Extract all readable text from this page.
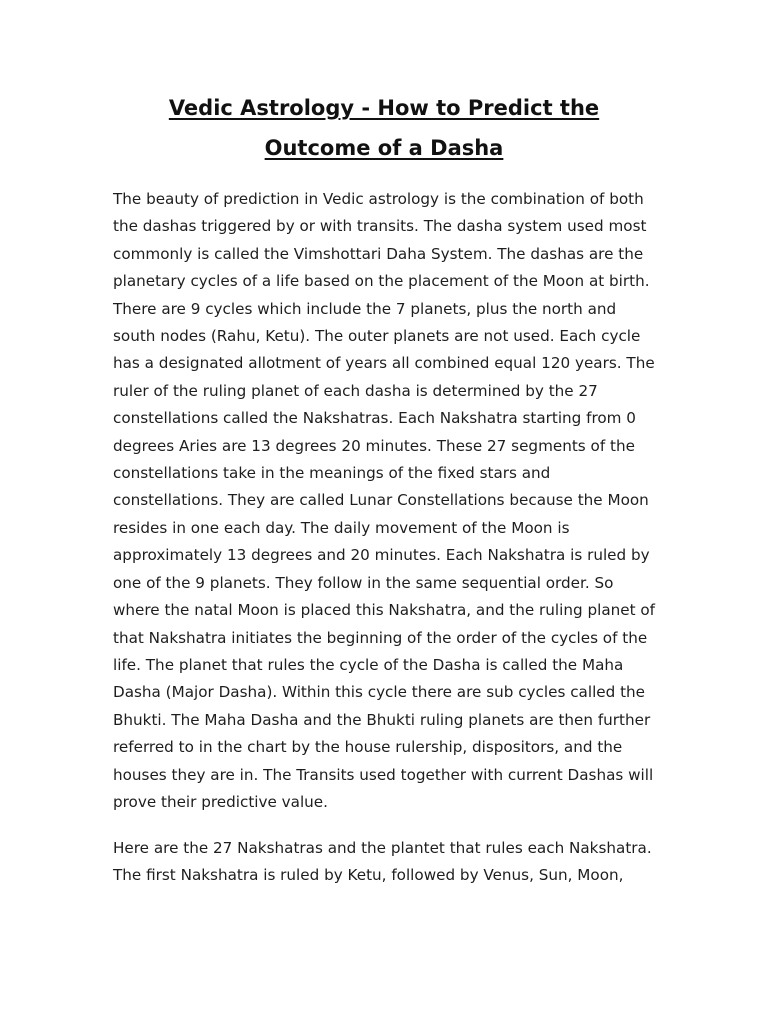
Vedic Astrology - How to Predict the
Outcome of a Dasha
The beauty of prediction in Vedic astrology is the combination of both
the dashas triggered by or with transits. The dasha system used most
commonly is called the Vimshottari Daha System. The dashas are the
planetary cycles of a life based on the placement of the Moon at birth.
There are 9 cycles which include the 7 planets, plus the north and
south nodes (Rahu, Ketu). The outer planets are not used. Each cycle
has a designated allotment of years all combined equal 120 years. The
ruler of the ruling planet of each dasha is determined by the 27
constellations called the Nakshatras. Each Nakshatra starting from 0
degrees Aries are 13 degrees 20 minutes. These 27 segments of the
constellations take in the meanings of the fixed stars and
constellations. They are called Lunar Constellations because the Moon
resides in one each day. The daily movement of the Moon is
approximately 13 degrees and 20 minutes. Each Nakshatra is ruled by
one of the 9 planets. They follow in the same sequential order. So
where the natal Moon is placed this Nakshatra, and the ruling planet of
that Nakshatra initiates the beginning of the order of the cycles of the
life. The planet that rules the cycle of the Dasha is called the Maha
Dasha (Major Dasha). Within this cycle there are sub cycles called the
Bhukti. The Maha Dasha and the Bhukti ruling planets are then further
referred to in the chart by the house rulership, dispositors, and the
houses they are in. The Transits used together with current Dashas will
prove their predictive value.
Here are the 27 Nakshatras and the plantet that rules each Nakshatra.
The first Nakshatra is ruled by Ketu, followed by Venus, Sun, Moon,
